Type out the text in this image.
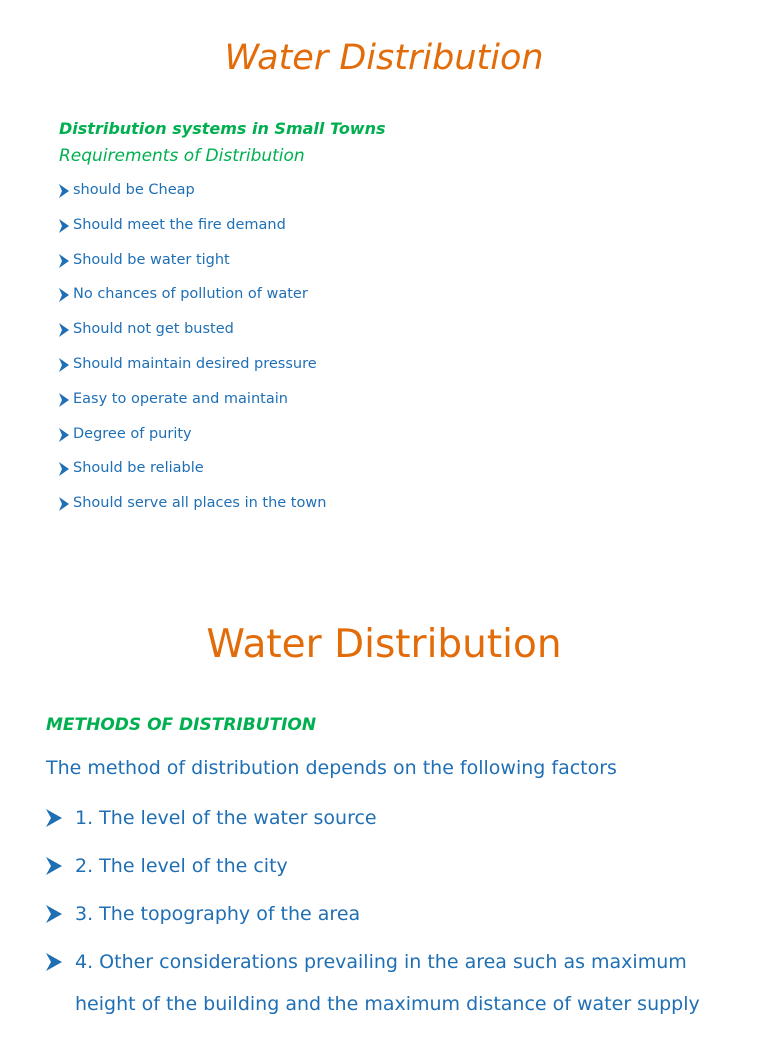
Water Distribution
Distribution systems in Small Towns
Requirements of Distribution
should be Cheap
Should meet the fire demand
Should be water tight
No chances of pollution of water
Should not get busted
Should maintain desired pressure
Easy to operate and maintain
Degree of purity
Should be reliable
Should serve all places in the town
Water Distribution
METHODS OF DISTRIBUTION
The method of distribution depends on the following factors
1. The level of the water source
2. The level of the city
3. The topography of the area
4. Other considerations prevailing in the area such as maximum height of the building and the maximum distance of water supply
